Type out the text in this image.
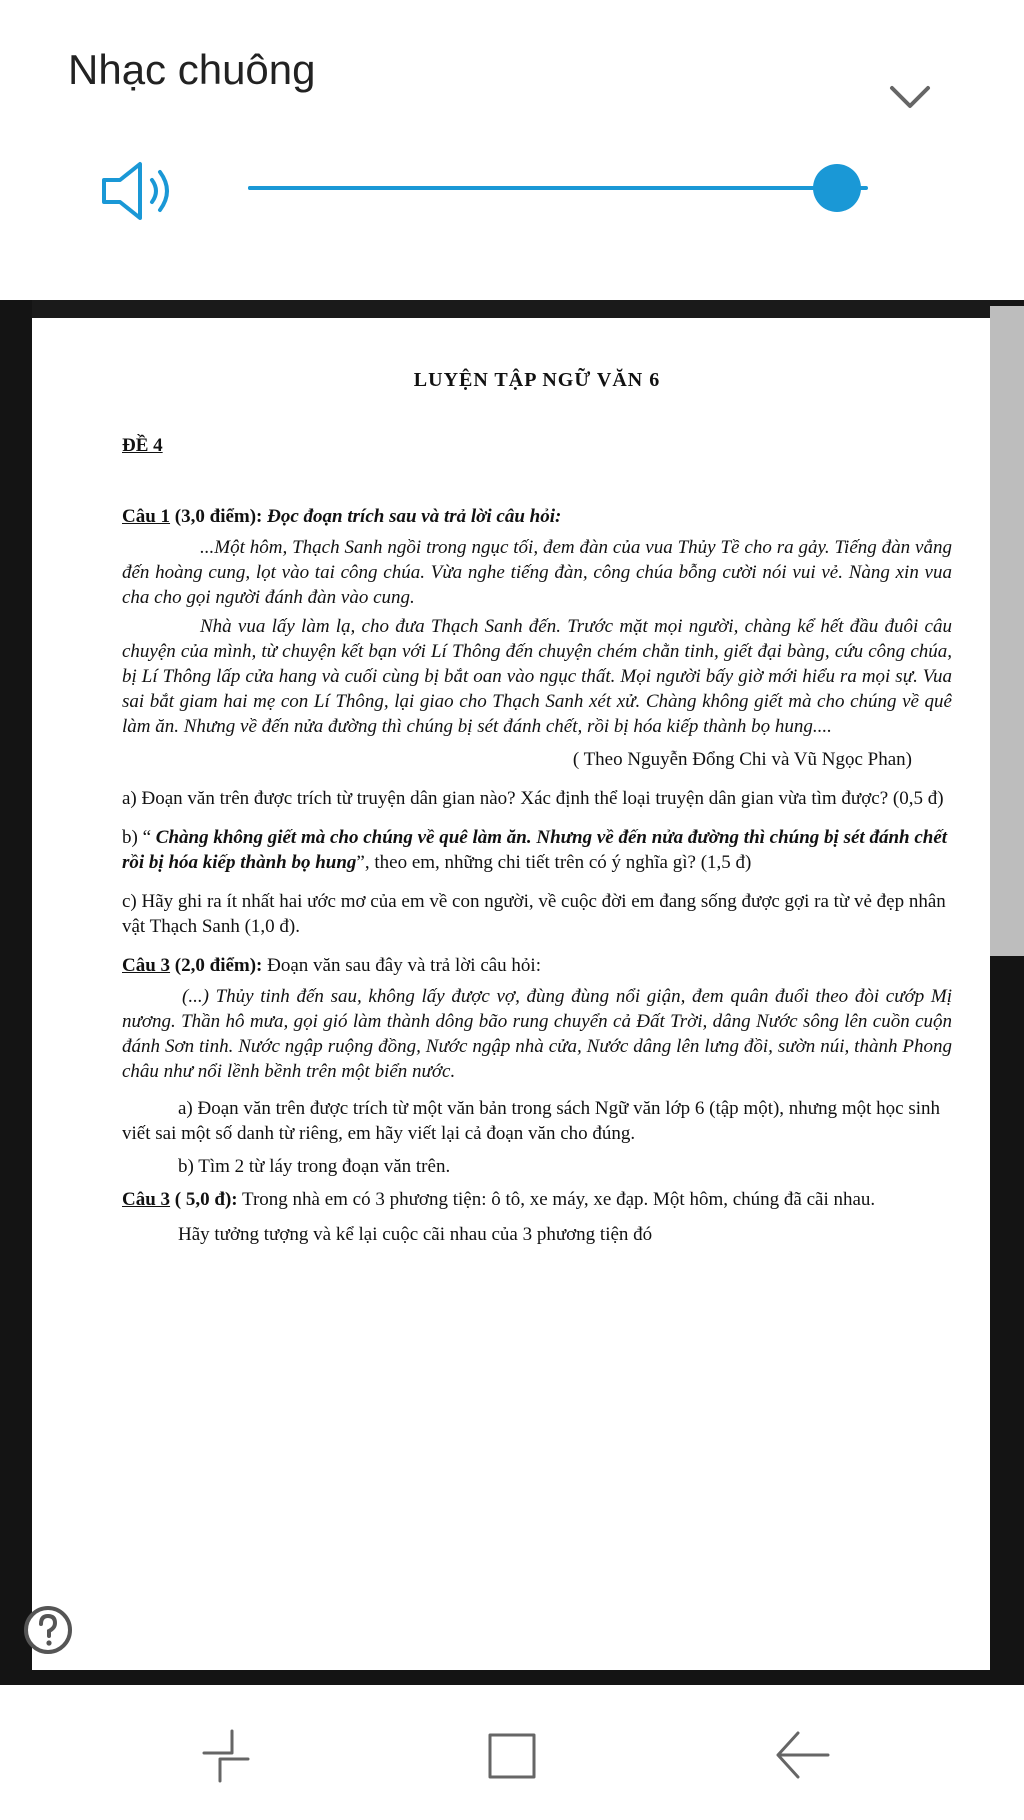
Nhạc chuông
LUYỆN TẬP NGỮ VĂN 6
ĐỀ 4
Câu 1 (3,0 điểm): Đọc đoạn trích sau và trả lời câu hỏi:
...Một hôm, Thạch Sanh ngồi trong ngục tối, đem đàn của vua Thủy Tề cho ra gảy. Tiếng đàn vẳng đến hoàng cung, lọt vào tai công chúa. Vừa nghe tiếng đàn, công chúa bỗng cười nói vui vẻ. Nàng xin vua cha cho gọi người đánh đàn vào cung.
Nhà vua lấy làm lạ, cho đưa Thạch Sanh đến. Trước mặt mọi người, chàng kể hết đầu đuôi câu chuyện của mình, từ chuyện kết bạn với Lí Thông đến chuyện chém chằn tinh, giết đại bàng, cứu công chúa, bị Lí Thông lấp cửa hang và cuối cùng bị bắt oan vào ngục thất. Mọi người bấy giờ mới hiểu ra mọi sự. Vua sai bắt giam hai mẹ con Lí Thông, lại giao cho Thạch Sanh xét xử. Chàng không giết mà cho chúng về quê làm ăn. Nhưng về đến nửa đường thì chúng bị sét đánh chết, rồi bị hóa kiếp thành bọ hung....
( Theo Nguyễn Đổng Chi và Vũ Ngọc Phan)
a) Đoạn văn trên được trích từ truyện dân gian nào? Xác định thể loại truyện dân gian vừa tìm được? (0,5 đ)
b) “ Chàng không giết mà cho chúng về quê làm ăn. Nhưng về đến nửa đường thì chúng bị sét đánh chết rồi bị hóa kiếp thành bọ hung”, theo em, những chi tiết trên có ý nghĩa gì? (1,5 đ)
c) Hãy ghi ra ít nhất hai ước mơ của em về con người, về cuộc đời em đang sống được gợi ra từ vẻ đẹp nhân vật Thạch Sanh (1,0 đ).
Câu 3 (2,0 điểm): Đoạn văn sau đây và trả lời câu hỏi:
(...) Thủy tinh đến sau, không lấy được vợ, đùng đùng nổi giận, đem quân đuổi theo đòi cướp Mị nương. Thần hô mưa, gọi gió làm thành dông bão rung chuyển cả Đất Trời, dâng Nước sông lên cuồn cuộn đánh Sơn tinh. Nước ngập ruộng đồng, Nước ngập nhà cửa, Nước dâng lên lưng đồi, sườn núi, thành Phong châu như nổi lềnh bềnh trên một biển nước.
a) Đoạn văn trên được trích từ một văn bản trong sách Ngữ văn lớp 6 (tập một), nhưng một học sinh viết sai một số danh từ riêng, em hãy viết lại cả đoạn văn cho đúng.
b) Tìm 2 từ láy trong đoạn văn trên.
Câu 3 ( 5,0 đ): Trong nhà em có 3 phương tiện: ô tô, xe máy, xe đạp. Một hôm, chúng đã cãi nhau.
Hãy tưởng tượng và kể lại cuộc cãi nhau của 3 phương tiện đó
